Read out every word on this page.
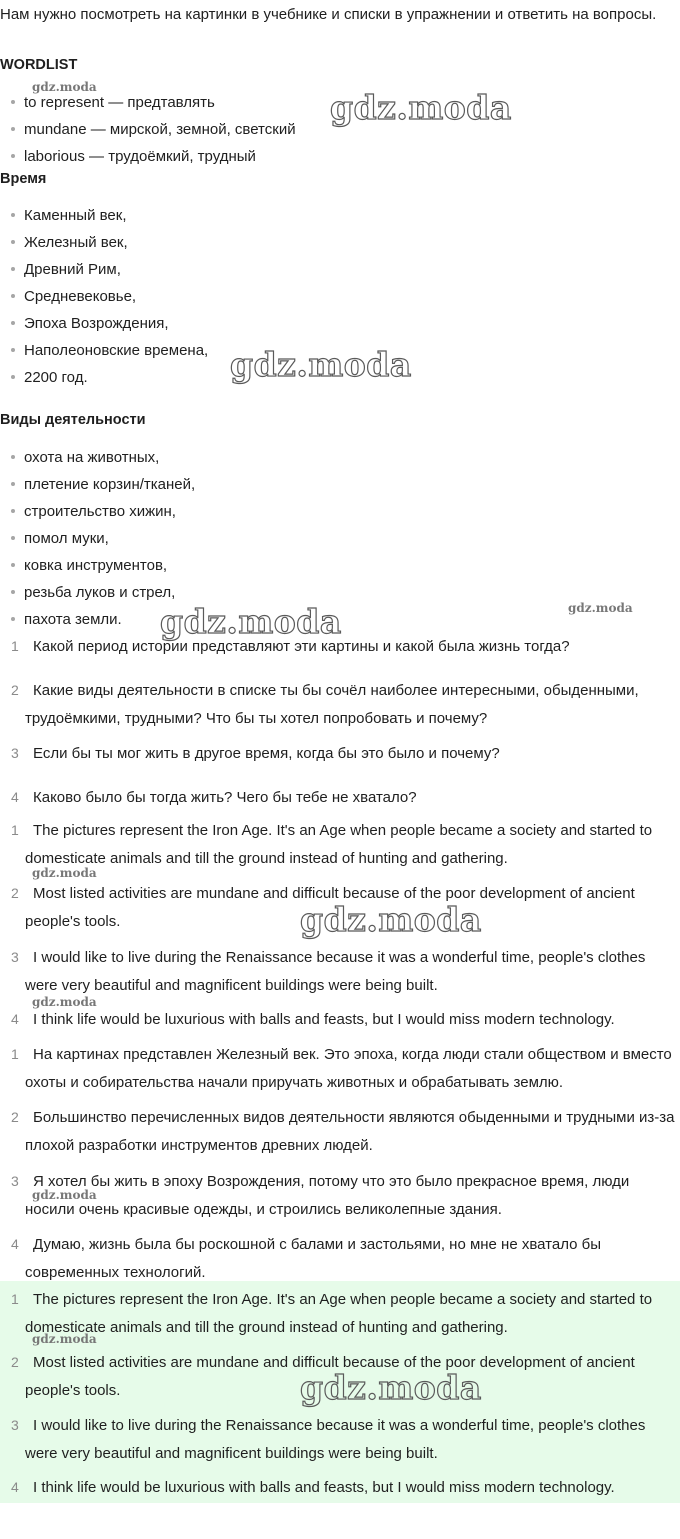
Нам нужно посмотреть на картинки в учебнике и списки в упражнении и ответить на вопросы.
WORDLIST
to represent — предтавлять
mundane — мирской, земной, светский
laborious — трудоёмкий, трудный
Время
Каменный век,
Железный век,
Древний Рим,
Средневековье,
Эпоха Возрождения,
Наполеоновские времена,
2200 год.
Виды деятельности
охота на животных,
плетение корзин/тканей,
строительство хижин,
помол муки,
ковка инструментов,
резьба луков и стрел,
пахота земли.
1 Какой период истории представляют эти картины и какой была жизнь тогда?
2 Какие виды деятельности в списке ты бы сочёл наиболее интересными, обыденными, трудоёмкими, трудными? Что бы ты хотел попробовать и почему?
3 Если бы ты мог жить в другое время, когда бы это было и почему?
4 Каково было бы тогда жить? Чего бы тебе не хватало?
1 The pictures represent the Iron Age. It's an Age when people became a society and started to domesticate animals and till the ground instead of hunting and gathering.
2 Most listed activities are mundane and difficult because of the poor development of ancient people's tools.
3 I would like to live during the Renaissance because it was a wonderful time, people's clothes were very beautiful and magnificent buildings were being built.
4 I think life would be luxurious with balls and feasts, but I would miss modern technology.
1 На картинах представлен Железный век. Это эпоха, когда люди стали обществом и вместо охоты и собирательства начали приручать животных и обрабатывать землю.
2 Большинство перечисленных видов деятельности являются обыденными и трудными из-за плохой разработки инструментов древних людей.
3 Я хотел бы жить в эпоху Возрождения, потому что это было прекрасное время, люди носили очень красивые одежды, и строились великолепные здания.
4 Думаю, жизнь была бы роскошной с балами и застольями, но мне не хватало бы современных технологий.
1 The pictures represent the Iron Age. It's an Age when people became a society and started to domesticate animals and till the ground instead of hunting and gathering.
2 Most listed activities are mundane and difficult because of the poor development of ancient people's tools.
3 I would like to live during the Renaissance because it was a wonderful time, people's clothes were very beautiful and magnificent buildings were being built.
4 I think life would be luxurious with balls and feasts, but I would miss modern technology.
gdz.moda
gdz.moda
gdz.moda
gdz.moda
gdz.moda
gdz.moda
gdz.moda
gdz.moda
gdz.moda
gdz.moda
gdz.moda
